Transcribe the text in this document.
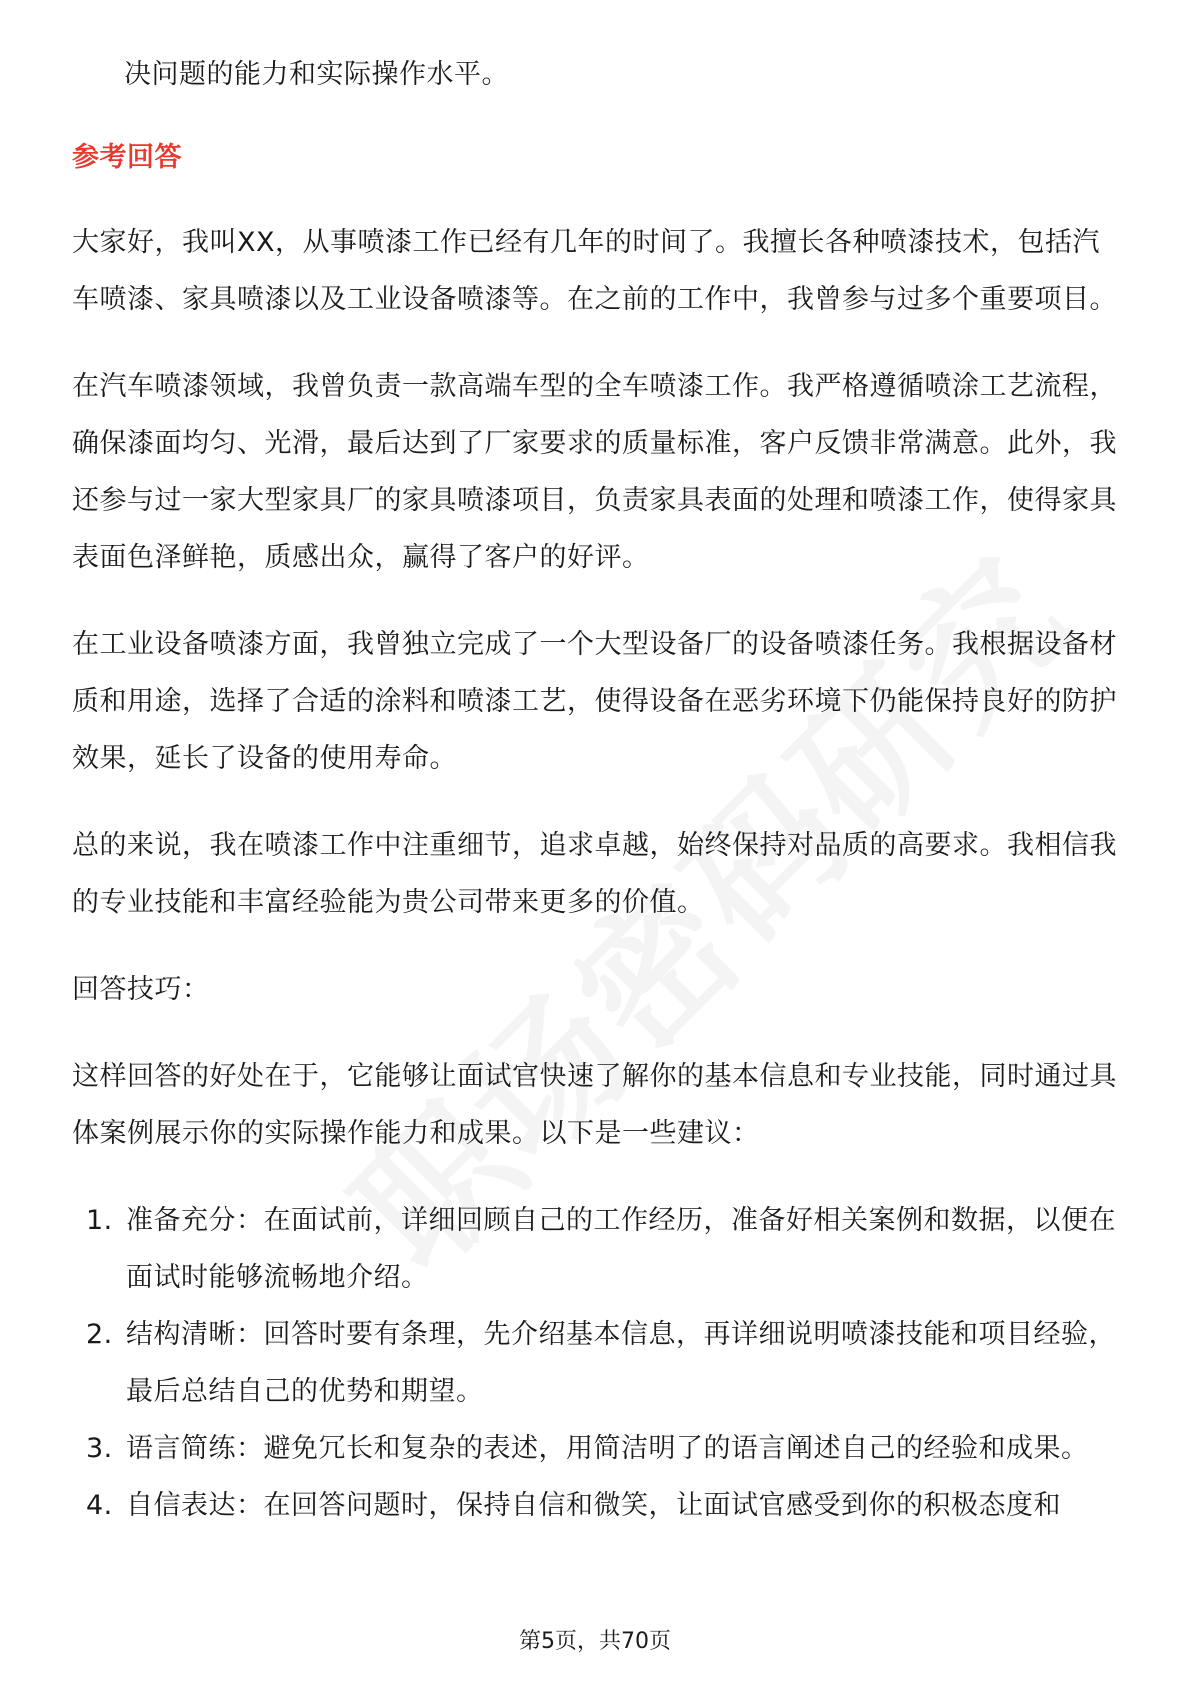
决问题的能力和实际操作水平。

参考回答

大家好，我叫XX，从事喷漆工作已经有几年的时间了。我擅长各种喷漆技术，包括汽车喷漆、家具喷漆以及工业设备喷漆等。在之前的工作中，我曾参与过多个重要项目。

在汽车喷漆领域，我曾负责一款高端车型的全车喷漆工作。我严格遵循喷涂工艺流程，确保漆面均匀、光滑，最后达到了厂家要求的质量标准，客户反馈非常满意。此外，我还参与过一家大型家具厂的家具喷漆项目，负责家具表面的处理和喷漆工作，使得家具表面色泽鲜艳，质感出众，赢得了客户的好评。

在工业设备喷漆方面，我曾独立完成了一个大型设备厂的设备喷漆任务。我根据设备材质和用途，选择了合适的涂料和喷漆工艺，使得设备在恶劣环境下仍能保持良好的防护效果，延长了设备的使用寿命。

总的来说，我在喷漆工作中注重细节，追求卓越，始终保持对品质的高要求。我相信我的专业技能和丰富经验能为贵公司带来更多的价值。

回答技巧：

这样回答的好处在于，它能够让面试官快速了解你的基本信息和专业技能，同时通过具体案例展示你的实际操作能力和成果。以下是一些建议：

1. 准备充分：在面试前，详细回顾自己的工作经历，准备好相关案例和数据，以便在面试时能够流畅地介绍。
2. 结构清晰：回答时要有条理，先介绍基本信息，再详细说明喷漆技能和项目经验，最后总结自己的优势和期望。
3. 语言简练：避免冗长和复杂的表述，用简洁明了的语言阐述自己的经验和成果。
4. 自信表达：在回答问题时，保持自信和微笑，让面试官感受到你的积极态度和
第5页，共70页
